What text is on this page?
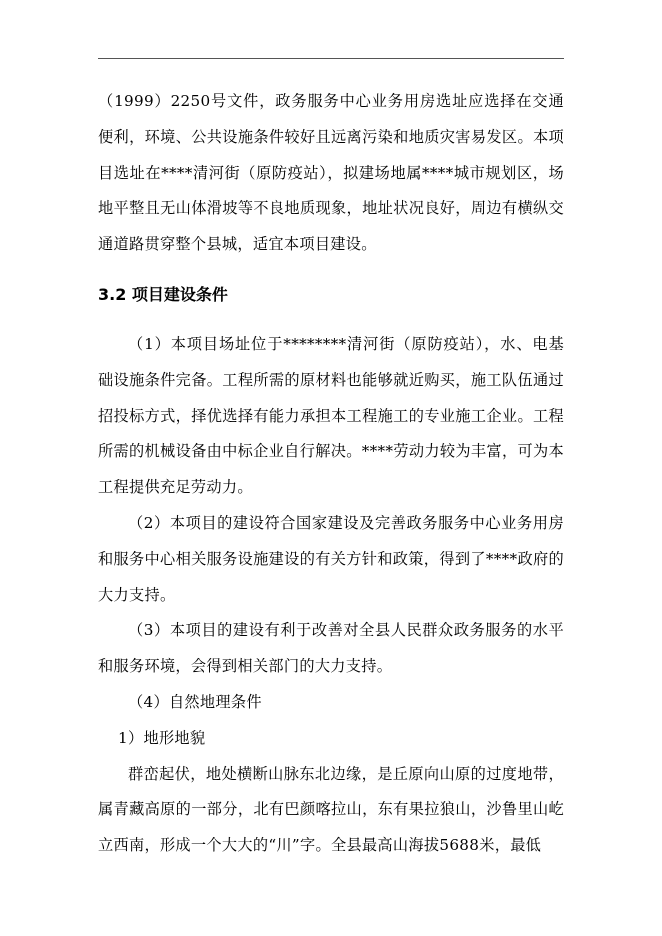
（1999）2250号文件，政务服务中心业务用房选址应选择在交通便利，环境、公共设施条件较好且远离污染和地质灾害易发区。本项目选址在****清河街（原防疫站），拟建场地属****城市规划区，场地平整且无山体滑坡等不良地质现象，地址状况良好，周边有横纵交通道路贯穿整个县城，适宜本项目建设。

3.2 项目建设条件

（1）本项目场址位于********清河街（原防疫站），水、电基础设施条件完备。工程所需的原材料也能够就近购买，施工队伍通过招投标方式，择优选择有能力承担本工程施工的专业施工企业。工程所需的机械设备由中标企业自行解决。****劳动力较为丰富，可为本工程提供充足劳动力。

（2）本项目的建设符合国家建设及完善政务服务中心业务用房和服务中心相关服务设施建设的有关方针和政策，得到了****政府的大力支持。

（3）本项目的建设有利于改善对全县人民群众政务服务的水平和服务环境，会得到相关部门的大力支持。

（4）自然地理条件

1）地形地貌

群峦起伏，地处横断山脉东北边缘，是丘原向山原的过度地带，属青藏高原的一部分，北有巴颜喀拉山，东有果拉狼山，沙鲁里山屹立西南，形成一个大大的“川”字。全县最高山海拔5688米，最低
